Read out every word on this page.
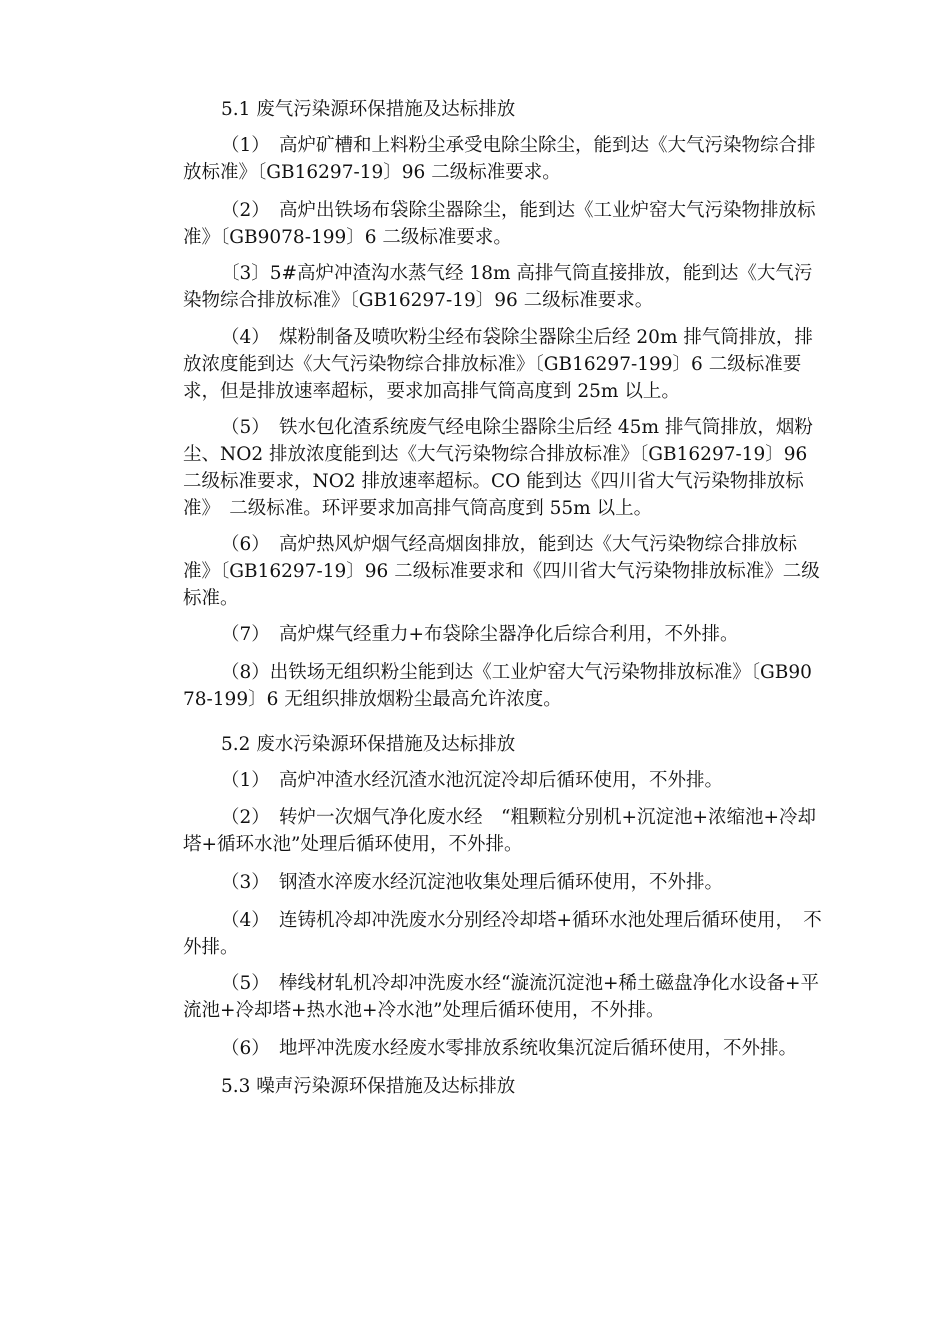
5.1 废气污染源环保措施及达标排放

（1）　高炉矿槽和上料粉尘承受电除尘除尘，能到达《大气污染物综合排放标准》〔GB16297-19〕96 二级标准要求。

（2）　高炉出铁场布袋除尘器除尘，能到达《工业炉窑大气污染物排放标准》〔GB9078-199〕6 二级标准要求。

〔3〕5#高炉冲渣沟水蒸气经 18m 高排气筒直接排放，能到达《大气污染物综合排放标准》〔GB16297-19〕96 二级标准要求。

（4）　煤粉制备及喷吹粉尘经布袋除尘器除尘后经 20m 排气筒排放，排放浓度能到达《大气污染物综合排放标准》〔GB16297-199〕6 二级标准要求，但是排放速率超标，要求加高排气筒高度到 25m 以上。

（5）　铁水包化渣系统废气经电除尘器除尘后经 45m 排气筒排放，烟粉尘、NO2 排放浓度能到达《大气污染物综合排放标准》〔GB16297-19〕96 二级标准要求，NO2 排放速率超标。CO 能到达《四川省大气污染物排放标准》　二级标准。环评要求加高排气筒高度到 55m 以上。

（6）　高炉热风炉烟气经高烟囱排放，能到达《大气污染物综合排放标准》〔GB16297-19〕96 二级标准要求和《四川省大气污染物排放标准》二级标准。

（7）　高炉煤气经重力+布袋除尘器净化后综合利用，不外排。

（8）出铁场无组织粉尘能到达《工业炉窑大气污染物排放标准》〔GB9078-199〕6 无组织排放烟粉尘最高允许浓度。

5.2 废水污染源环保措施及达标排放

（1）　高炉冲渣水经沉渣水池沉淀冷却后循环使用，不外排。

（2）　转炉一次烟气净化废水经　“粗颗粒分别机+沉淀池+浓缩池+冷却塔+循环水池”处理后循环使用，不外排。

（3）　钢渣水淬废水经沉淀池收集处理后循环使用，不外排。

（4）　连铸机冷却冲洗废水分别经冷却塔+循环水池处理后循环使用，　不外排。

（5）　棒线材轧机冷却冲洗废水经“漩流沉淀池+稀土磁盘净化水设备+平流池+冷却塔+热水池+冷水池”处理后循环使用，不外排。

（6）　地坪冲洗废水经废水零排放系统收集沉淀后循环使用，不外排。

5.3 噪声污染源环保措施及达标排放
